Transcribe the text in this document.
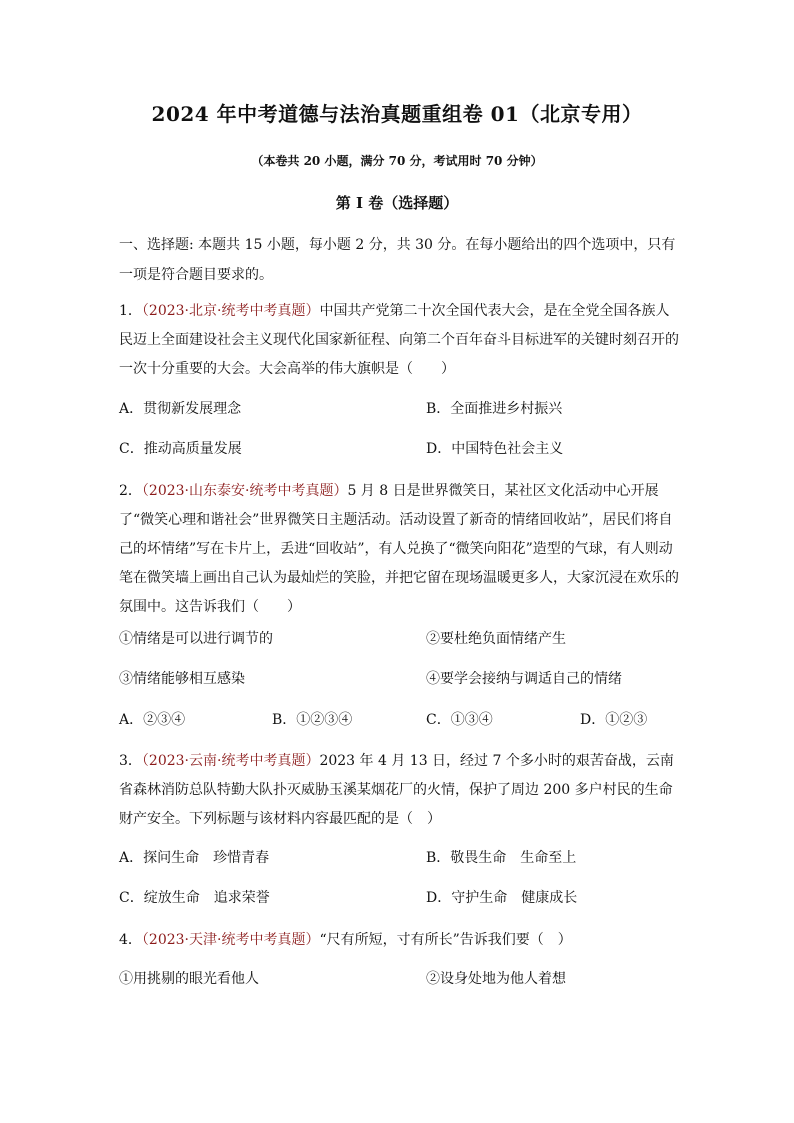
2024 年中考道德与法治真题重组卷 01（北京专用）
（本卷共 20 小题，满分 70 分，考试用时 70 分钟）
第 I 卷（选择题）
一、选择题: 本题共 15 小题，每小题 2 分，共 30 分。在每小题给出的四个选项中，只有一项是符合题目要求的。
1．（2023·北京·统考中考真题）中国共产党第二十次全国代表大会，是在全党全国各族人民迈上全面建设社会主义现代化国家新征程、向第二个百年奋斗目标进军的关键时刻召开的一次十分重要的大会。大会高举的伟大旗帜是（　　）
A．贯彻新发展理念	B．全面推进乡村振兴
C．推动高质量发展	D．中国特色社会主义
2．（2023·山东泰安·统考中考真题）5 月 8 日是世界微笑日，某社区文化活动中心开展了“微笑心理和谐社会”世界微笑日主题活动。活动设置了新奇的情绪回收站”，居民们将自己的坏情绪”写在卡片上，丢进“回收站”，有人兑换了“微笑向阳花”造型的气球，有人则动笔在微笑墙上画出自己认为最灿烂的笑脸，并把它留在现场温暖更多人，大家沉浸在欢乐的氛围中。这告诉我们（　　）
①情绪是可以进行调节的	②要杜绝负面情绪产生
③情绪能够相互感染	④要学会接纳与调适自己的情绪
A．②③④	B．①②③④	C．①③④	D．①②③
3．（2023·云南·统考中考真题）2023 年 4 月 13 日，经过 7 个多小时的艰苦奋战，云南省森林消防总队特勤大队扑灭威胁玉溪某烟花厂的火情，保护了周边 200 多户村民的生命财产安全。下列标题与该材料内容最匹配的是（　）
A．探问生命　珍惜青春	B．敬畏生命　生命至上
C．绽放生命　追求荣誉	D．守护生命　健康成长
4．（2023·天津·统考中考真题）“尺有所短，寸有所长”告诉我们要（　）
①用挑剔的眼光看他人	②设身处地为他人着想
